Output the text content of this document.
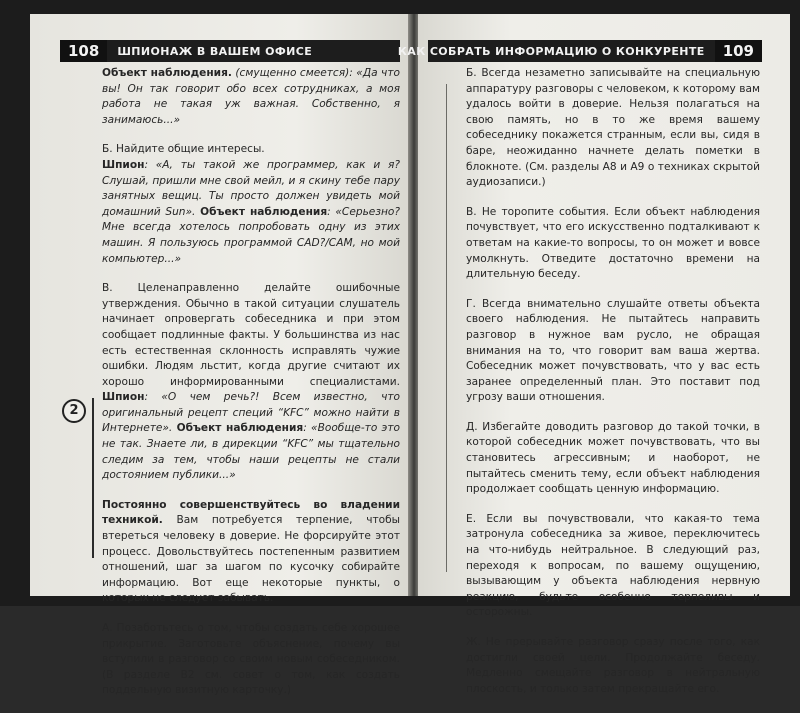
108	ШПИОНАЖ В ВАШЕМ ОФИСЕ
2

Объект наблюдения. (смущенно смеется): «Да что вы! Он так говорит обо всех сотрудниках, а моя работа не такая уж важная. Собственно, я занимаюсь...»

Б. Найдите общие интересы.
Шпион: «А, ты такой же программер, как и я? Слушай, пришли мне свой мейл, и я скину тебе пару занятных вещиц. Ты просто должен увидеть мой домашний Sun». Объект наблюдения: «Серьезно? Мне всегда хотелось попробовать одну из этих машин. Я пользуюсь программой CAD?/CAM, но мой компьютер...»

В. Целенаправленно делайте ошибочные утверждения. Обычно в такой ситуации слушатель начинает опровергать собеседника и при этом сообщает подлинные факты. У большинства из нас есть естественная склонность исправлять чужие ошибки. Людям льстит, когда другие считают их хорошо информированными специалистами. Шпион: «О чем речь?! Всем известно, что оригинальный рецепт специй “KFC” можно найти в Интернете». Объект наблюдения: «Вообще-то это не так. Знаете ли, в дирекции “KFC” мы тщательно следим за тем, чтобы наши рецепты не стали достоянием публики...»

Постоянно совершенствуйтесь во владении техникой. Вам потребуется терпение, чтобы втереться человеку в доверие. Не форсируйте этот процесс. Довольствуйтесь постепенным развитием отношений, шаг за шагом по кусочку собирайте информацию. Вот еще некоторые пункты, о которых не следует забывать.

А. Позаботьтесь о том, чтобы создать себе хорошее прикрытие. Заготовьте объяснение, почему вы вступили в разговор со своим новым собеседником. (В разделе В2 см. совет о том, как создать поддельную визитную карточку.)

КАК СОБРАТЬ ИНФОРМАЦИЮ О КОНКУРЕНТЕ	109

Б. Всегда незаметно записывайте на специальную аппаратуру разговоры с человеком, к которому вам удалось войти в доверие. Нельзя полагаться на свою память, но в то же время вашему собеседнику покажется странным, если вы, сидя в баре, неожиданно начнете делать пометки в блокноте. (См. разделы А8 и А9 о техниках скрытой аудиозаписи.)

В. Не торопите события. Если объект наблюдения почувствует, что его искусственно подталкивают к ответам на какие-то вопросы, то он может и вовсе умолкнуть. Отведите достаточно времени на длительную беседу.

Г. Всегда внимательно слушайте ответы объекта своего наблюдения. Не пытайтесь направить разговор в нужное вам русло, не обращая внимания на то, что говорит вам ваша жертва. Собеседник может почувствовать, что у вас есть заранее определенный план. Это поставит под угрозу ваши отношения.

Д. Избегайте доводить разговор до такой точки, в которой собеседник может почувствовать, что вы становитесь агрессивным; и наоборот, не пытайтесь сменить тему, если объект наблюдения продолжает сообщать ценную информацию.

Е. Если вы почувствовали, что какая-то тема затронула собеседника за живое, переключитесь на что-нибудь нейтральное. В следующий раз, переходя к вопросам, по вашему ощущению, вызывающим у объекта наблюдения нервную реакцию, будьте особенно терпеливы и осторожны.

Ж. Не прерывайте разговор сразу после того, как достигли своей цели. Продолжайте беседу. Медленно смещайте разговор в нейтральную плоскость, и только затем прекращайте его.
